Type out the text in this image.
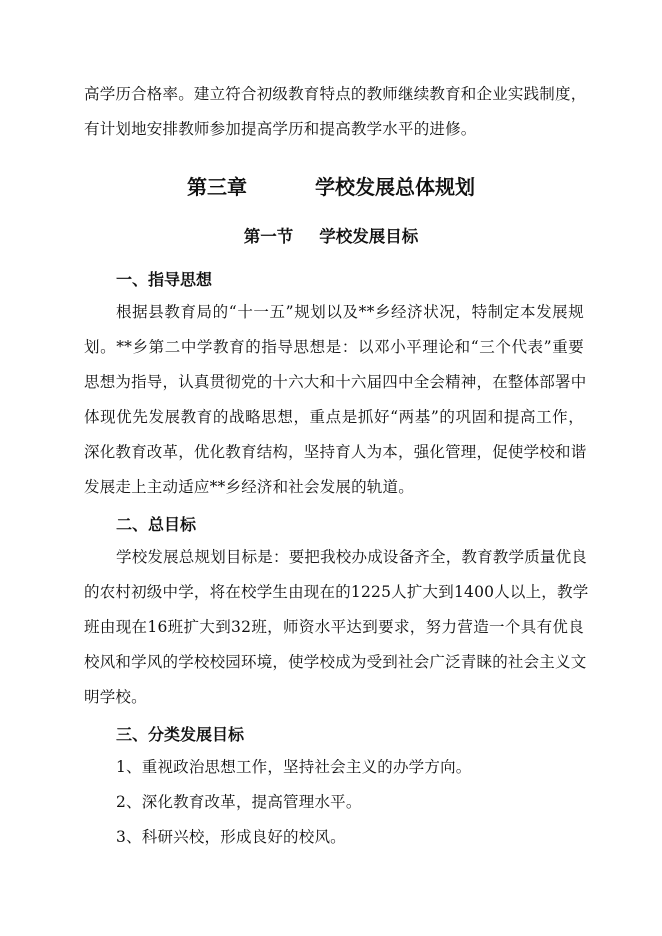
高学历合格率。建立符合初级教育特点的教师继续教育和企业实践制度，
有计划地安排教师参加提高学历和提高教学水平的进修。
第三章	学校发展总体规划
第一节 学校发展目标
一、指导思想
根据县教育局的“十一五”规划以及**乡经济状况，特制定本发展规
划。**乡第二中学教育的指导思想是：以邓小平理论和“三个代表”重要
思想为指导，认真贯彻党的十六大和十六届四中全会精神，在整体部署中
体现优先发展教育的战略思想，重点是抓好“两基”的巩固和提高工作，
深化教育改革，优化教育结构，坚持育人为本，强化管理，促使学校和谐
发展走上主动适应**乡经济和社会发展的轨道。
二、总目标
学校发展总规划目标是：要把我校办成设备齐全，教育教学质量优良
的农村初级中学，将在校学生由现在的1225人扩大到1400人以上，教学
班由现在16班扩大到32班，师资水平达到要求，努力营造一个具有优良
校风和学风的学校校园环境，使学校成为受到社会广泛青睐的社会主义文
明学校。
三、分类发展目标
1、重视政治思想工作，坚持社会主义的办学方向。
2、深化教育改革，提高管理水平。
3、科研兴校，形成良好的校风。
